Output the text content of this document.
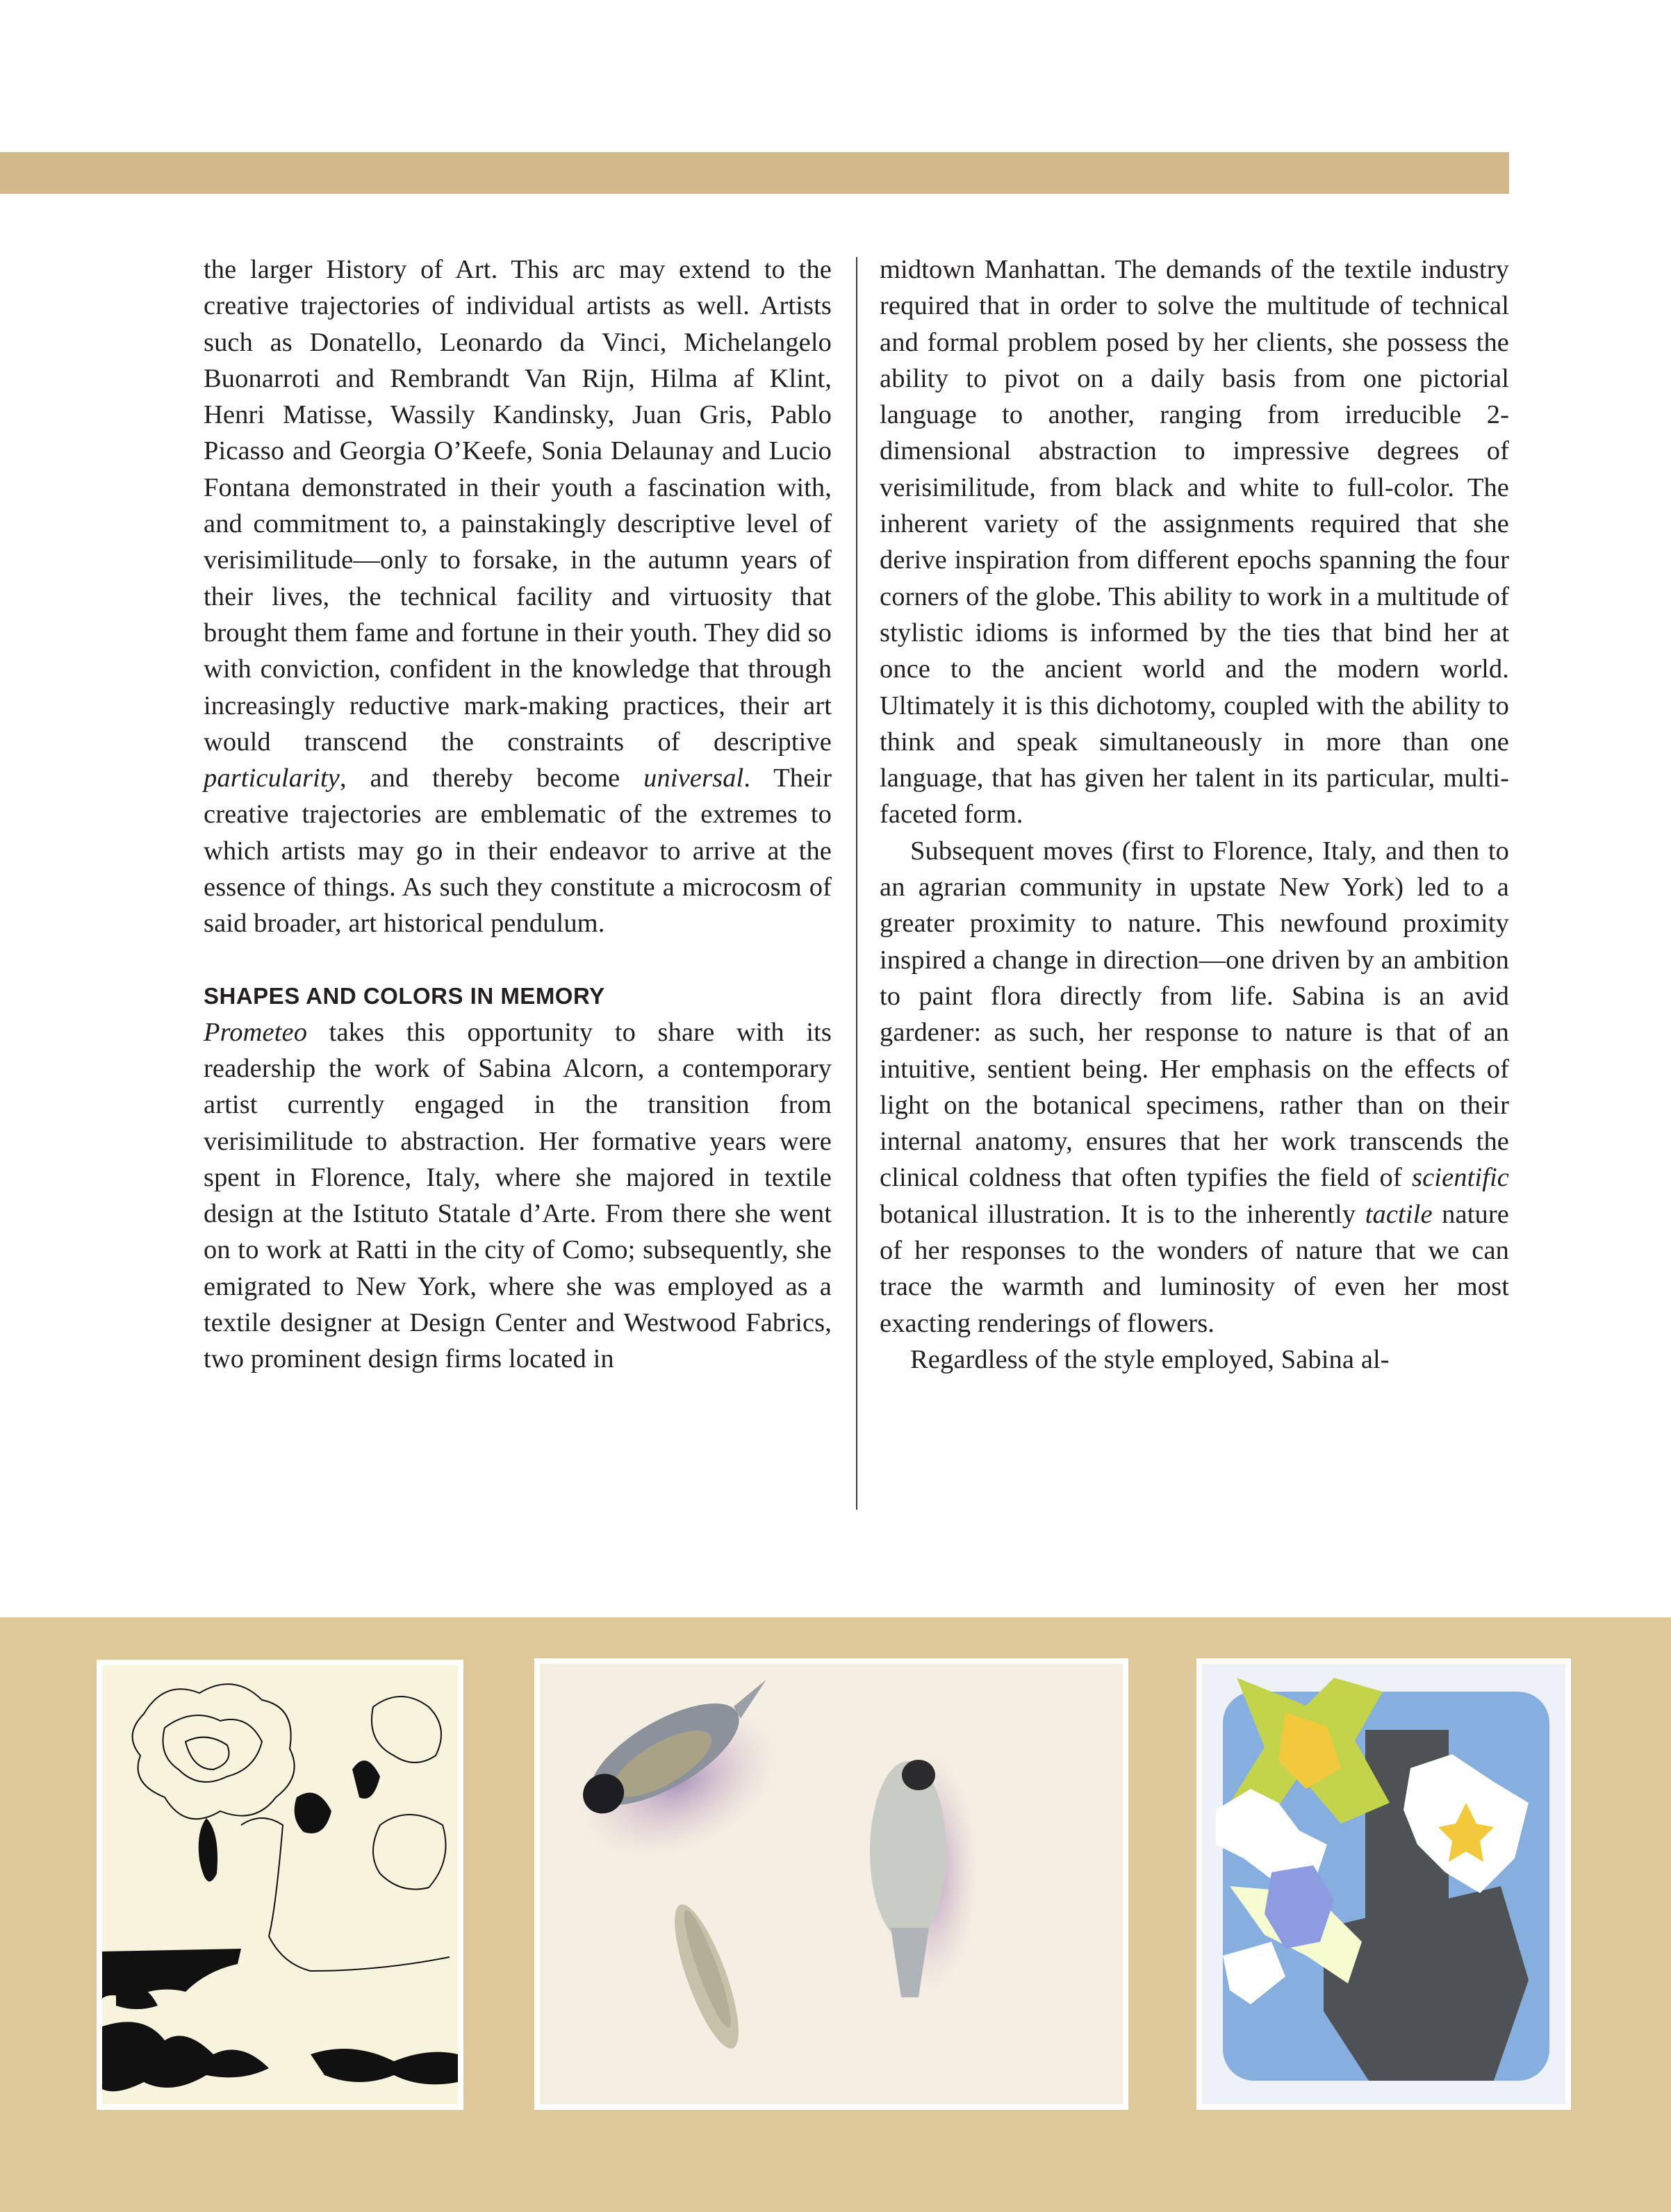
the larger History of Art. This arc may extend to the creative trajectories of individual artists as well. Artists such as Donatello, Leonardo da Vinci, Michelangelo Buonarroti and Rembrandt Van Rijn, Hilma af Klint, Henri Matisse, Wassily Kandinsky, Juan Gris, Pablo Picasso and Georgia O’Keefe, Sonia Delaunay and Lucio Fontana demonstrated in their youth a fascination with, and commitment to, a painstakingly descriptive level of verisimilitude—only to forsake, in the autumn years of their lives, the technical facility and virtuosity that brought them fame and fortune in their youth. They did so with conviction, confident in the knowledge that through increasingly reductive mark-making practices, their art would transcend the constraints of descriptive particularity, and thereby become universal. Their creative trajectories are emblematic of the extremes to which artists may go in their endeavor to arrive at the essence of things. As such they constitute a microcosm of said broader, art historical pendulum.

SHAPES AND COLORS IN MEMORY

Prometeo takes this opportunity to share with its readership the work of Sabina Alcorn, a contemporary artist currently engaged in the transition from verisimilitude to abstraction. Her formative years were spent in Florence, Italy, where she majored in textile design at the Istituto Statale d’Arte. From there she went on to work at Ratti in the city of Como; subsequently, she emigrated to New York, where she was employed as a textile designer at Design Center and Westwood Fabrics, two prominent design firms located in

midtown Manhattan. The demands of the textile industry required that in order to solve the multitude of technical and formal problem posed by her clients, she possess the ability to pivot on a daily basis from one pictorial language to another, ranging from irreducible 2-dimensional abstraction to impressive degrees of verisimilitude, from black and white to full-color. The inherent variety of the assignments required that she derive inspiration from different epochs spanning the four corners of the globe. This ability to work in a multitude of stylistic idioms is informed by the ties that bind her at once to the ancient world and the modern world. Ultimately it is this dichotomy, coupled with the ability to think and speak simultaneously in more than one language, that has given her talent in its particular, multi-faceted form.

Subsequent moves (first to Florence, Italy, and then to an agrarian community in upstate New York) led to a greater proximity to nature. This newfound proximity inspired a change in direction—one driven by an ambition to paint flora directly from life. Sabina is an avid gardener: as such, her response to nature is that of an intuitive, sentient being. Her emphasis on the effects of light on the botanical specimens, rather than on their internal anatomy, ensures that her work transcends the clinical coldness that often typifies the field of scientific botanical illustration. It is to the inherently tactile nature of her responses to the wonders of nature that we can trace the warmth and luminosity of even her most exacting renderings of flowers.

Regardless of the style employed, Sabina al-
